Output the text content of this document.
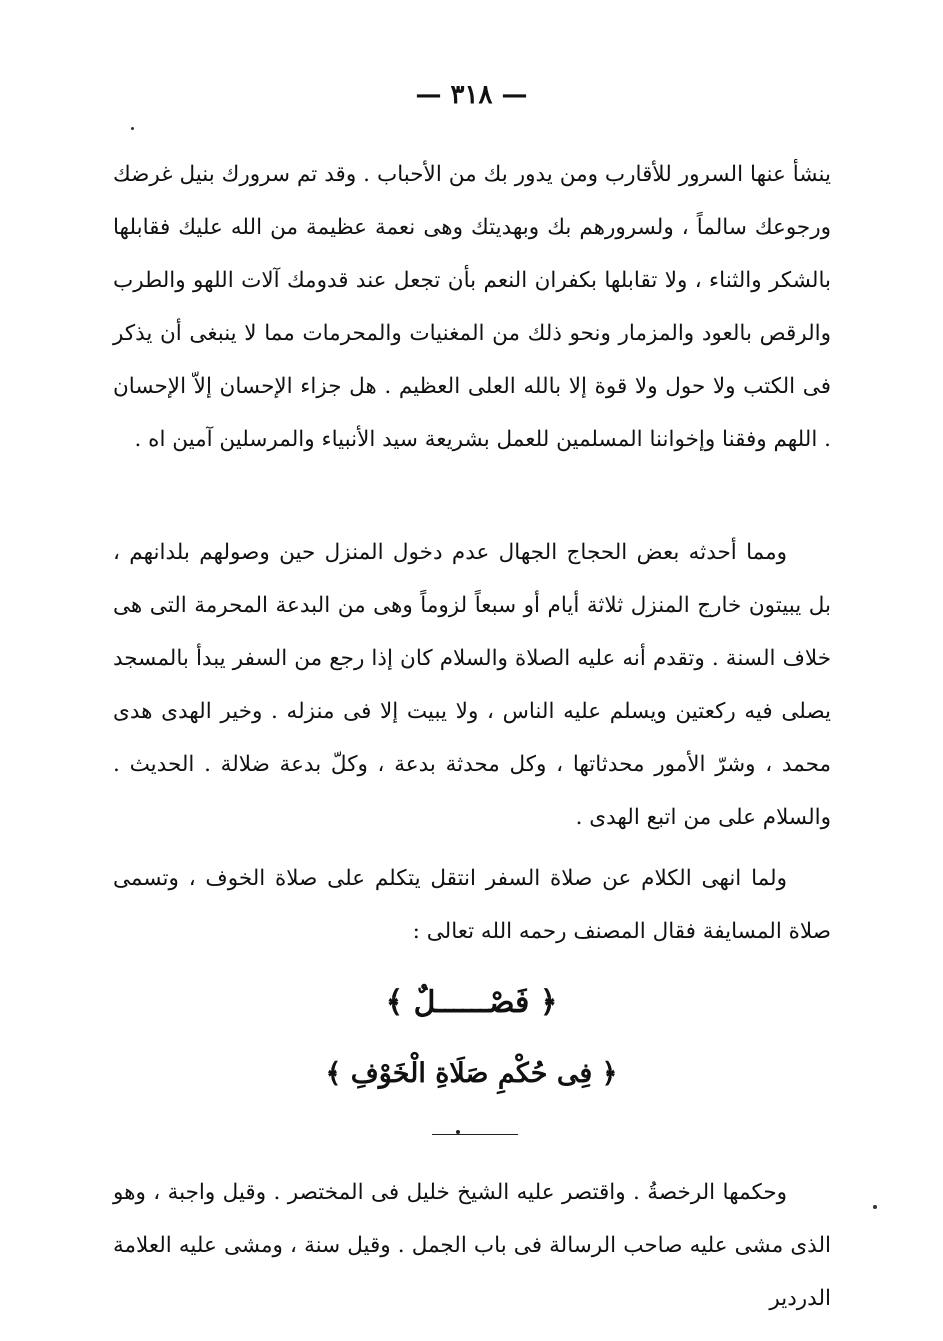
— ٣١٨ —

ينشأ عنها السرور للأقارب ومن يدور بك من الأحباب . وقد تم سرورك بنيل غرضك ورجوعك سالماً ، ولسرورهم بك وبهديتك وهى نعمة عظيمة من الله عليك فقابلها بالشكر والثناء ، ولا تقابلها بكفران النعم بأن تجعل عند قدومك آلات اللهو والطرب والرقص بالعود والمزمار ونحو ذلك من المغنيات والمحرمات مما لا ينبغى أن يذكر فى الكتب ولا حول ولا قوة إلا بالله العلى العظيم . هل جزاء الإحسان إلاّ الإحسان . اللهم وفقنا وإخواننا المسلمين للعمل بشريعة سيد الأنبياء والمرسلين آمين اه .

ومما أحدثه بعض الحجاج الجهال عدم دخول المنزل حين وصولهم بلدانهم ، بل يبيتون خارج المنزل ثلاثة أيام أو سبعاً لزوماً وهى من البدعة المحرمة التى هى خلاف السنة . وتقدم أنه عليه الصلاة والسلام كان إذا رجع من السفر يبدأ بالمسجد يصلى فيه ركعتين ويسلم عليه الناس ، ولا يبيت إلا فى منزله . وخير الهدى هدى محمد ، وشرّ الأمور محدثاتها ، وكل محدثة بدعة ، وكلّ بدعة ضلالة . الحديث . والسلام على من اتبع الهدى .

ولما انهى الكلام عن صلاة السفر انتقل يتكلم على صلاة الخوف ، وتسمى صلاة المسايفة فقال المصنف رحمه الله تعالى :

﴿ فَصْــــــلٌ ﴾
﴿ فِى حُكْمِ صَلَاةِ الْخَوْفِ ﴾

وحكمها الرخصةُ . واقتصر عليه الشيخ خليل فى المختصر . وقيل واجبة ، وهو الذى مشى عليه صاحب الرسالة فى باب الجمل . وقيل سنة ، ومشى عليه العلامة الدردير
